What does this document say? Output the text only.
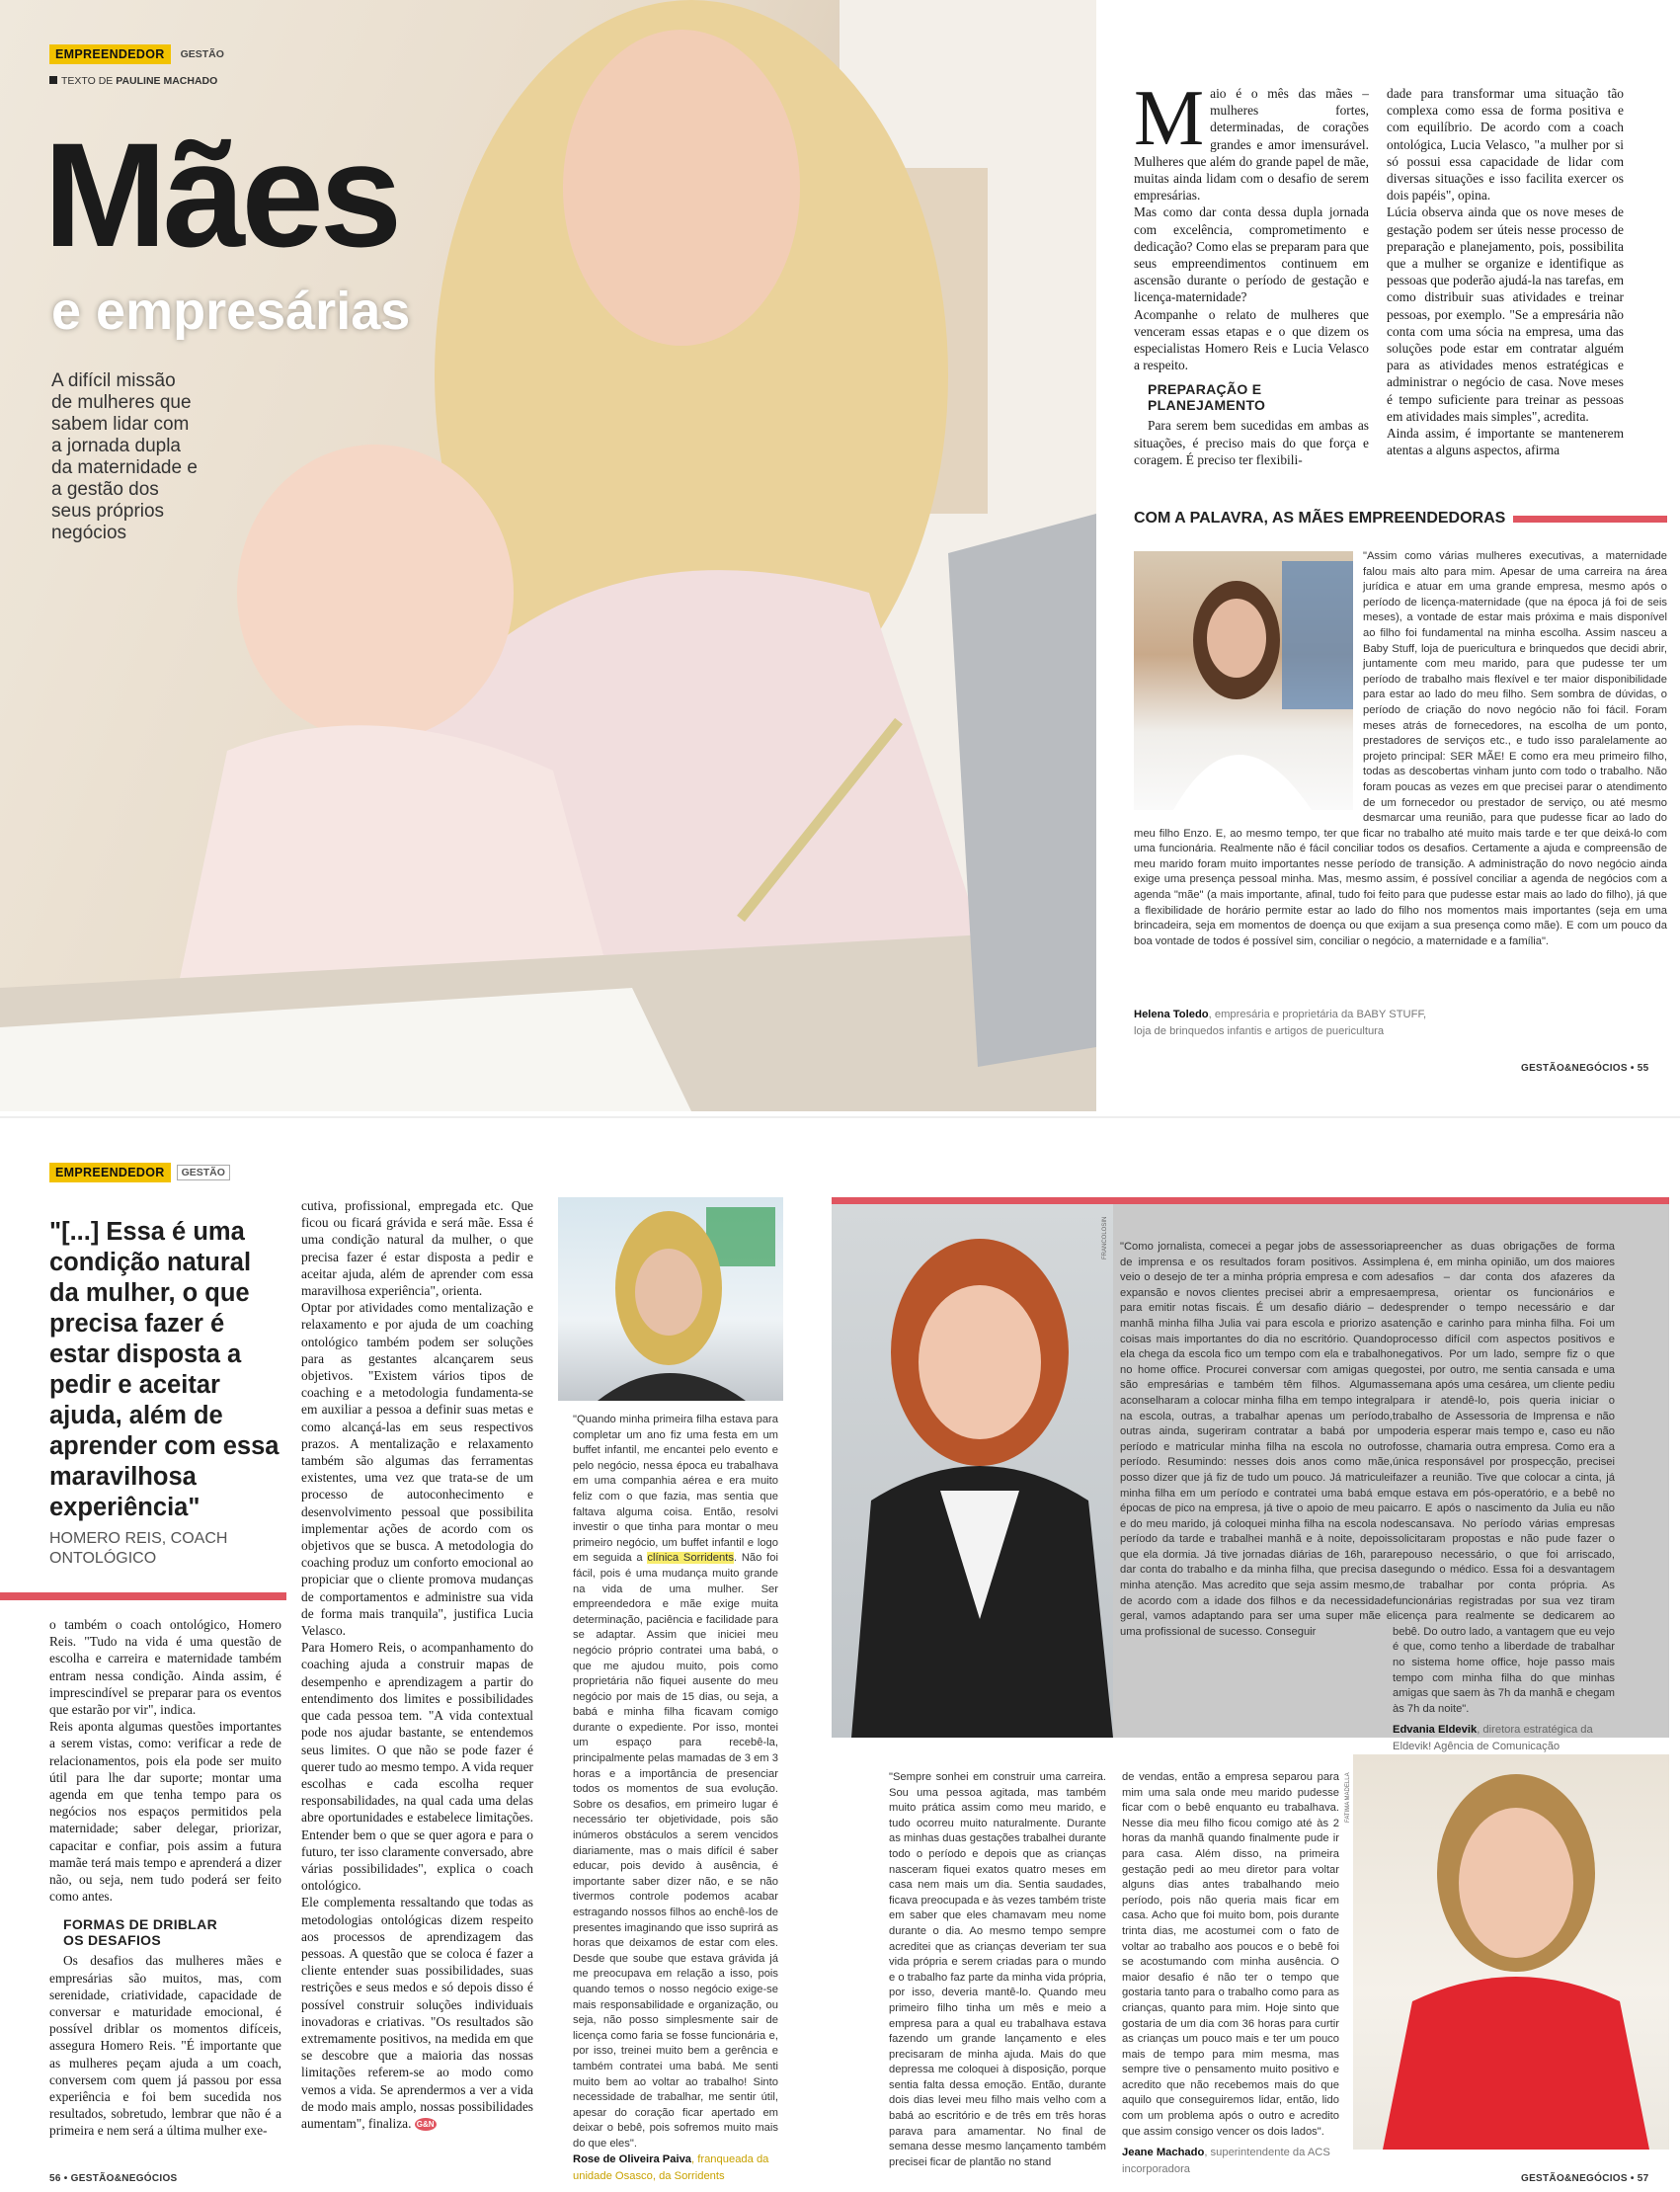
EMPREENDEDOR	GESTÃO
TEXTO DE PAULINE MACHADO
Mães
e empresárias

A difícil missão de mulheres que sabem lidar com a jornada dupla da maternidade e a gestão dos seus próprios negócios

M aio é o mês das mães – mulheres fortes, determinadas, de corações grandes e amor imensurável. Mulheres que além do grande papel de mãe, muitas ainda lidam com o desafio de serem empresárias.
Mas como dar conta dessa dupla jornada com excelência, comprometimento e dedicação? Como elas se preparam para que seus empreendimentos continuem em ascensão durante o período de gestação e licença-maternidade?
Acompanhe o relato de mulheres que venceram essas etapas e o que dizem os especialistas Homero Reis e Lucia Velasco a respeito.

PREPARAÇÃO E PLANEJAMENTO

Para serem bem sucedidas em ambas as situações, é preciso mais do que força e coragem. É preciso ter flexibili-

dade para transformar uma situação tão complexa como essa de forma positiva e com equilíbrio. De acordo com a coach ontológica, Lucia Velasco, "a mulher por si só possui essa capacidade de lidar com diversas situações e isso facilita exercer os dois papéis", opina.
Lúcia observa ainda que os nove meses de gestação podem ser úteis nesse processo de preparação e planejamento, pois, possibilita que a mulher se organize e identifique as pessoas que poderão ajudá-la nas tarefas, em como distribuir suas atividades e treinar pessoas, por exemplo. "Se a empresária não conta com uma sócia na empresa, uma das soluções pode estar em contratar alguém para as atividades menos estratégicas e administrar o negócio de casa. Nove meses é tempo suficiente para treinar as pessoas em atividades mais simples", acredita.
Ainda assim, é importante se mantenerem atentas a alguns aspectos, afirma

COM A PALAVRA, AS MÃES EMPREENDEDORAS

"Assim como várias mulheres executivas, a maternidade falou mais alto para mim. Apesar de uma carreira na área jurídica e atuar em uma grande empresa, mesmo após o período de licença-maternidade (que na época já foi de seis meses), a vontade de estar mais próxima e mais disponível ao filho foi fundamental na minha escolha. Assim nasceu a Baby Stuff, loja de puericultura e brinquedos que decidi abrir, juntamente com meu marido, para que pudesse ter um período de trabalho mais flexível e ter maior disponibilidade para estar ao lado do meu filho. Sem sombra de dúvidas, o período de criação do novo negócio não foi fácil. Foram meses atrás de fornecedores, na escolha de um ponto, prestadores de serviços etc., e tudo isso paralelamente ao projeto principal: SER MÃE! E como era meu primeiro filho, todas as descobertas vinham junto com todo o trabalho. Não foram poucas as vezes em que precisei parar o atendimento de um fornecedor ou prestador de serviço, ou até mesmo desmarcar uma reunião, para que pudesse ficar ao lado do meu filho Enzo. E, ao mesmo tempo, ter que ficar no trabalho até muito mais tarde e ter que deixá-lo com uma funcionária. Realmente não é fácil conciliar todos os desafios. Certamente a ajuda e compreensão de meu marido foram muito importantes nesse período de transição. A administração do novo negócio ainda exige uma presença pessoal minha. Mas, mesmo assim, é possível conciliar a agenda de negócios com a agenda "mãe" (a mais importante, afinal, tudo foi feito para que pudesse estar mais ao lado do filho), já que a flexibilidade de horário permite estar ao lado do filho nos momentos mais importantes (seja em uma brincadeira, seja em momentos de doença ou que exijam a sua presença como mãe). E com um pouco da boa vontade de todos é possível sim, conciliar o negócio, a maternidade e a família".

Helena Toledo, empresária e proprietária da BABY STUFF, loja de brinquedos infantis e artigos de puericultura
GESTÃO&NEGÓCIOS • 55
EMPREENDEDOR	GESTÃO

"[...] Essa é uma condição natural da mulher, o que precisa fazer é estar disposta a pedir e aceitar ajuda, além de aprender com essa maravilhosa experiência"

HOMERO REIS, COACH ONTOLÓGICO

o também o coach ontológico, Homero Reis. "Tudo na vida é uma questão de escolha e carreira e maternidade também entram nessa condição. Ainda assim, é imprescindível se preparar para os eventos que estarão por vir", indica.
Reis aponta algumas questões importantes a serem vistas, como: verificar a rede de relacionamentos, pois ela pode ser muito útil para lhe dar suporte; montar uma agenda em que tenha tempo para os negócios nos espaços permitidos pela maternidade; saber delegar, priorizar, capacitar e confiar, pois assim a futura mamãe terá mais tempo e aprenderá a dizer não, ou seja, nem tudo poderá ser feito como antes.

FORMAS DE DRIBLAR OS DESAFIOS

Os desafios das mulheres mães e empresárias são muitos, mas, com serenidade, criatividade, capacidade de conversar e maturidade emocional, é possível driblar os momentos difíceis, assegura Homero Reis. "É importante que as mulheres peçam ajuda a um coach, conversem com quem já passou por essa experiência e foi bem sucedida nos resultados, sobretudo, lembrar que não é a primeira e nem será a última mulher exe-

cutiva, profissional, empregada etc. Que ficou ou ficará grávida e será mãe. Essa é uma condição natural da mulher, o que precisa fazer é estar disposta a pedir e aceitar ajuda, além de aprender com essa maravilhosa experiência", orienta.
Optar por atividades como mentalização e relaxamento e por ajuda de um coaching ontológico também podem ser soluções para as gestantes alcançarem seus objetivos. "Existem vários tipos de coaching e a metodologia fundamenta-se em auxiliar a pessoa a definir suas metas e como alcançá-las em seus respectivos prazos. A mentalização e relaxamento também são algumas das ferramentas existentes, uma vez que trata-se de um processo de autoconhecimento e desenvolvimento pessoal que possibilita implementar ações de acordo com os objetivos que se busca. A metodologia do coaching produz um conforto emocional ao propiciar que o cliente promova mudanças de comportamentos e administre sua vida de forma mais tranquila", justifica Lucia Velasco.
Para Homero Reis, o acompanhamento do coaching ajuda a construir mapas de desempenho e aprendizagem a partir do entendimento dos limites e possibilidades que cada pessoa tem. "A vida contextual pode nos ajudar bastante, se entendemos seus limites. O que não se pode fazer é querer tudo ao mesmo tempo. A vida requer escolhas e cada escolha requer responsabilidades, na qual cada uma delas abre oportunidades e estabelece limitações. Entender bem o que se quer agora e para o futuro, ter isso claramente conversado, abre várias possibilidades", explica o coach ontológico.
Ele complementa ressaltando que todas as metodologias ontológicas dizem respeito aos processos de aprendizagem das pessoas. A questão que se coloca é fazer a cliente entender suas possibilidades, suas restrições e seus medos e só depois disso é possível construir soluções individuais inovadoras e criativas. "Os resultados são extremamente positivos, na medida em que se descobre que a maioria das nossas limitações referem-se ao modo como vemos a vida. Se aprendermos a ver a vida de modo mais amplo, nossas possibilidades aumentam", finaliza. G&N

"Quando minha primeira filha estava para completar um ano fiz uma festa em um buffet infantil, me encantei pelo evento e pelo negócio, nessa época eu trabalhava em uma companhia aérea e era muito feliz com o que fazia, mas sentia que faltava alguma coisa. Então, resolvi investir o que tinha para montar o meu primeiro negócio, um buffet infantil e logo em seguida a clínica Sorridents. Não foi fácil, pois é uma mudança muito grande na vida de uma mulher. Ser empreendedora e mãe exige muita determinação, paciência e facilidade para se adaptar. Assim que iniciei meu negócio próprio contratei uma babá, o que me ajudou muito, pois como proprietária não fiquei ausente do meu negócio por mais de 15 dias, ou seja, a babá e minha filha ficavam comigo durante o expediente. Por isso, montei um espaço para recebê-la, principalmente pelas mamadas de 3 em 3 horas e a importância de presenciar todos os momentos de sua evolução. Sobre os desafios, em primeiro lugar é necessário ter objetividade, pois são inúmeros obstáculos a serem vencidos diariamente, mas o mais difícil é saber educar, pois devido à ausência, é importante saber dizer não, e se não tivermos controle podemos acabar estragando nossos filhos ao enchê-los de presentes imaginando que isso suprirá as horas que deixamos de estar com eles. Desde que soube que estava grávida já me preocupava em relação a isso, pois quando temos o nosso negócio exige-se mais responsabilidade e organização, ou seja, não posso simplesmente sair de licença como faria se fosse funcionária e, por isso, treinei muito bem a gerência e também contratei uma babá. Me senti muito bem ao voltar ao trabalho! Sinto necessidade de trabalhar, me sentir útil, apesar do coração ficar apertado em deixar o bebê, pois sofremos muito mais do que eles".

Rose de Oliveira Paiva, franqueada da unidade Osasco, da Sorridents
FRANCOLOSIN "Como jornalista, comecei a pegar jobs de assessoria de imprensa e os resultados foram positivos. Assim veio o desejo de ter a minha própria empresa e com a expansão e novos clientes precisei abrir a empresa para emitir notas fiscais. É um desafio diário – de manhã minha filha Julia vai para escola e priorizo as coisas mais importantes do dia no escritório. Quando ela chega da escola fico um tempo com ela e trabalho no home office. Procurei conversar com amigas que são empresárias e também têm filhos. Algumas aconselharam a colocar minha filha em tempo integral na escola, outras, a trabalhar apenas um período, outras ainda, sugeriram contratar a babá por um período e matricular minha filha na escola no outro período. Resumindo: nesses dois anos como mãe, posso dizer que já fiz de tudo um pouco. Já matriculei minha filha em um período e contratei uma babá em épocas de pico na empresa, já tive o apoio de meu pai e do meu marido, já coloquei minha filha na escola no período da tarde e trabalhei manhã e à noite, depois que ela dormia. Já tive jornadas diárias de 16h, para dar conta do trabalho e da minha filha, que precisa da minha atenção. Mas acredito que seja assim mesmo, de acordo com a idade dos filhos e da necessidade geral, vamos adaptando para ser uma super mãe e uma profissional de sucesso. Conseguir

preencher as duas obrigações de forma plena é, em minha opinião, um dos maiores desafios – dar conta dos afazeres da empresa, orientar os funcionários e desprender o tempo necessário e dar atenção e carinho para minha filha. Foi um processo difícil com aspectos positivos e negativos. Por um lado, sempre fiz o que gostei, por outro, me sentia cansada e uma semana após uma cesárea, um cliente pediu para ir atendê-lo, pois queria iniciar o trabalho de Assessoria de Imprensa e não poderia esperar mais tempo e, caso eu não fosse, chamaria outra empresa. Como era a única responsável por prospecção, precisei fazer a reunião. Tive que colocar a cinta, já que estava em pós-operatório, e a bebê no carro. E após o nascimento da Julia eu não descansava. No período várias empresas solicitaram propostas e não pude fazer o repouso necessário, o que foi arriscado, segundo o médico. Essa foi a desvantagem de trabalhar por conta própria. As funcionárias registradas por sua vez tiram licença para realmente se dedicarem ao bebê. Do outro lado, a vantagem que eu vejo é que, como tenho a liberdade de trabalhar no sistema home office, hoje passo mais tempo com minha filha do que minhas amigas que saem às 7h da manhã e chegam às 7h da noite".

Edvania Eldevik, diretora estratégica da Eldevik! Agência de Comunicação

"Sempre sonhei em construir uma carreira. Sou uma pessoa agitada, mas também muito prática assim como meu marido, e tudo ocorreu muito naturalmente. Durante as minhas duas gestações trabalhei durante todo o período e depois que as crianças nasceram fiquei exatos quatro meses em casa nem mais um dia. Sentia saudades, ficava preocupada e às vezes também triste em saber que eles chamavam meu nome durante o dia. Ao mesmo tempo sempre acreditei que as crianças deveriam ter sua vida própria e serem criadas para o mundo e o trabalho faz parte da minha vida própria, por isso, deveria mantê-lo. Quando meu primeiro filho tinha um mês e meio a empresa para a qual eu trabalhava estava fazendo um grande lançamento e eles precisaram de minha ajuda. Mais do que depressa me coloquei à disposição, porque sentia falta dessa emoção. Então, durante dois dias levei meu filho mais velho com a babá ao escritório e de três em três horas parava para amamentar. No final de semana desse mesmo lançamento também precisei ficar de plantão no stand

de vendas, então a empresa separou para mim uma sala onde meu marido pudesse ficar com o bebê enquanto eu trabalhava. Nesse dia meu filho ficou comigo até às 2 horas da manhã quando finalmente pude ir para casa. Além disso, na primeira gestação pedi ao meu diretor para voltar alguns dias antes trabalhando meio período, pois não queria mais ficar em casa. Acho que foi muito bom, pois durante trinta dias, me acostumei com o fato de voltar ao trabalho aos poucos e o bebê foi se acostumando com minha ausência. O maior desafio é não ter o tempo que gostaria tanto para o trabalho como para as crianças, quanto para mim. Hoje sinto que gostaria de um dia com 36 horas para curtir as crianças um pouco mais e ter um pouco mais de tempo para mim mesma, mas sempre tive o pensamento muito positivo e acredito que não recebemos mais do que aquilo que conseguiremos lidar, então, lido com um problema após o outro e acredito que assim consigo vencer os dois lados".

Jeane Machado, superintendente da ACS incorporadora

FATIMA MADELLA
56 • GESTÃO&NEGÓCIOS	GESTÃO&NEGÓCIOS • 57
